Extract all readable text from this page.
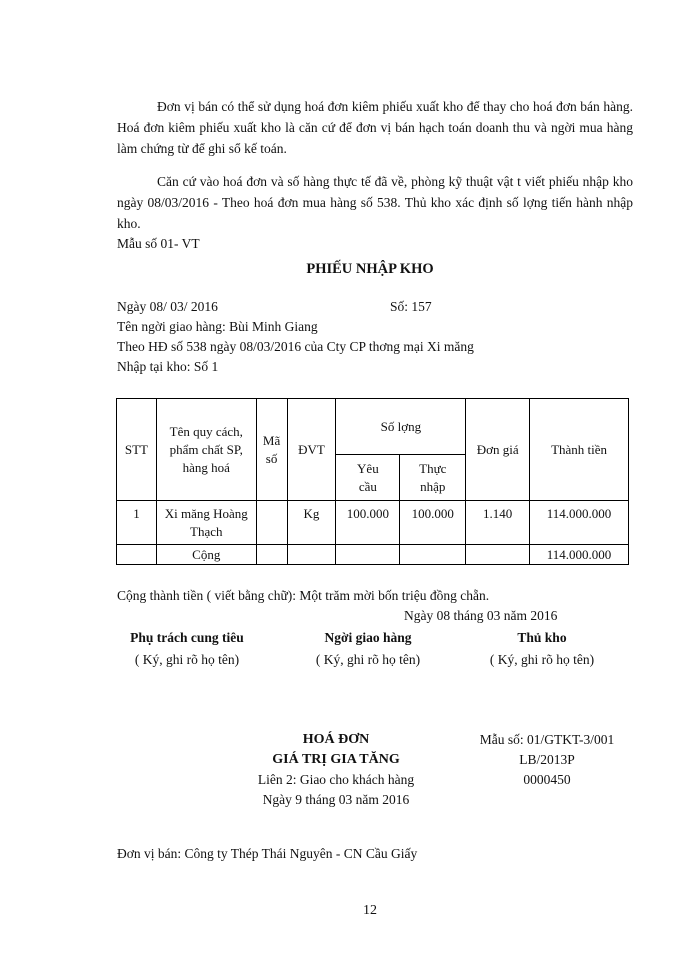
Đơn vị bán có thể sử dụng hoá đơn kiêm phiếu xuất kho để thay cho hoá đơn bán hàng. Hoá đơn kiêm phiếu xuất kho là căn cứ để đơn vị bán hạch toán doanh thu và ngời mua hàng làm chứng từ để ghi sổ kế toán.

Căn cứ vào hoá đơn và số hàng thực tế đã về, phòng kỹ thuật vật t viết phiếu nhập kho ngày 08/03/2016 - Theo hoá đơn mua hàng số 538. Thủ kho xác định số lợng tiến hành nhập kho.

Mẫu số 01- VT
PHIẾU NHẬP KHO
Ngày 08/ 03/ 2016	Số: 157
Tên ngời giao hàng: Bùi Minh Giang
Theo HĐ số 538 ngày 08/03/2016 của Cty CP thơng mại Xi măng
Nhập tại kho: Số 1
STT	Tên quy cách, phẩm chất SP, hàng hoá	Mã số	ĐVT	Số lợng		Đơn giá	Thành tiền
				Yêu cầu	Thực nhập		
1	Xi măng Hoàng Thạch		Kg	100.000	100.000	1.140	114.000.000
	Cộng						114.000.000
Cộng thành tiền ( viết bằng chữ): Một trăm mời bốn triệu đồng chẵn.
Ngày 08 tháng 03 năm 2016
Phụ trách cung tiêu
( Ký, ghi rõ họ tên)
Ngời giao hàng
( Ký, ghi rõ họ tên)
Thủ kho
( Ký, ghi rõ họ tên)
HOÁ ĐƠN
GIÁ TRỊ GIA TĂNG
Liên 2: Giao cho khách hàng
Ngày 9 tháng 03 năm 2016
Mẫu số: 01/GTKT-3/001
LB/2013P
0000450
Đơn vị bán: Công ty Thép Thái Nguyên - CN Cầu Giấy
12
